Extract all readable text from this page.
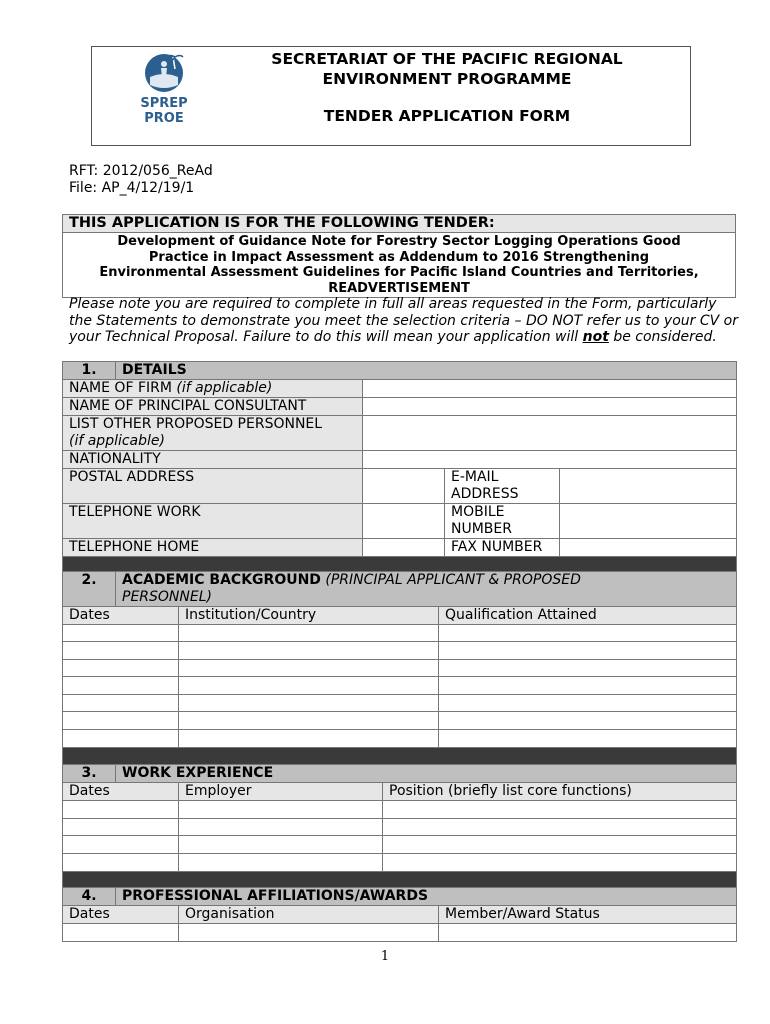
SPREP
PROE
SECRETARIAT OF THE PACIFIC REGIONAL
ENVIRONMENT PROGRAMME
TENDER APPLICATION FORM
RFT: 2012/056_ReAd
File: AP_4/12/19/1
THIS APPLICATION IS FOR THE FOLLOWING TENDER:

Development of Guidance Note for Forestry Sector Logging Operations Good
Practice in Impact Assessment as Addendum to 2016 Strengthening
Environmental Assessment Guidelines for Pacific Island Countries and Territories,
READVERTISEMENT
Please note you are required to complete in full all areas requested in the Form, particularly the Statements to demonstrate you meet the selection criteria – DO NOT refer us to your CV or your Technical Proposal. Failure to do this will mean your application will not be considered.
1.	DETAILS			
NAME OF FIRM (if applicable)				
NAME OF PRINCIPAL CONSULTANT				

LIST OTHER PROPOSED PERSONNEL
(if applicable)				
NATIONALITY				
POSTAL ADDRESS			E-MAIL
ADDRESS	

TELEPHONE WORK			MOBILE
NUMBER	

TELEPHONE HOME			FAX NUMBER	

2.	ACADEMIC BACKGROUND (PRINCIPAL APPLICANT & PROPOSED
PERSONNEL)		
Dates		Institution/Country	Qualification Attained

3.	WORK EXPERIENCE		
Dates		Employer	Position (briefly list core functions)

4.	PROFESSIONAL AFFILIATIONS/AWARDS		
Dates		Organisation	Member/Award Status

1
